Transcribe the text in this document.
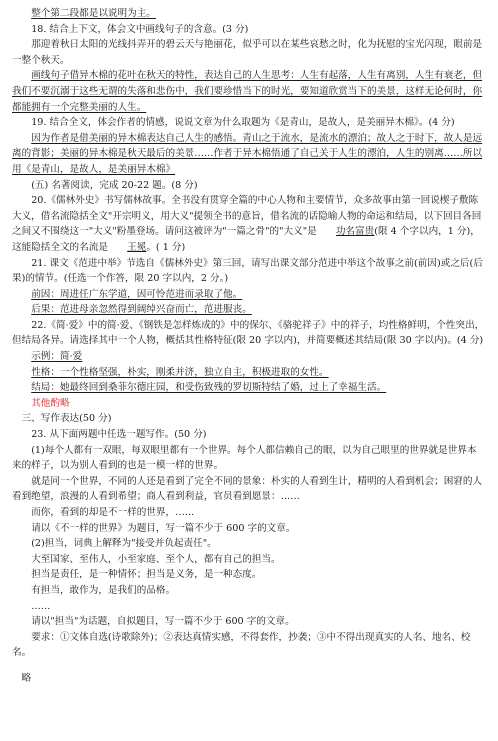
整个第二段都是以说明为主。

18. 结合上下文，体会文中画线句子的含意。(3 分)

那迎着秋日太阳的光线抖弄开的碧云天与艳丽花，似乎可以在某些哀愁之时，化为抚慰的宝光闪现，眼前是一整个秋天。

画线句子借异木棉的花叶在秋天的特性，表达自己的人生思考：人生有起落，人生有离别，人生有衰老，但我们不要沉溺于这些无谓的失落和悲伤中，我们要珍惜当下的时光，要知道欣赏当下的美景，这样无论何时，你都能拥有一个完整美丽的人生。

19. 结合全文，体会作者的情感，说说文章为什么取题为《是青山，是故人，是美丽异木棉》。(4 分)

因为作者是借美丽的异木棉表达自己人生的感悟。青山之于流水，是流水的漂泊；故人之于时下，故人是远离的背影；美丽的异木棉是秋天最后的美景……作者于异木棉悟通了自己关于人生的漂泊，人生的别离……所以用《是青山，是故人，是美丽异木棉》

(五) 名著阅读，完成 20-22 题。(8 分)

20.《儒林外史》书写儒林故事。全书没有贯穿全篇的中心人物和主要情节，众多故事由第一回说楔子敷陈大义，借名流隐括全文"开宗明义，用大义"提领全书的意旨，借名流的话隐喻人物的命运和结局，以下回目各回之间又不围绕这一"大义"粉墨登场。请问这被评为"一篇之骨"的"大义"是 功名富贵(限 4 个字以内，1 分)，这能隐括全文的名流是 王冕。( 1 分)

21. 课文《范进中举》节选自《儒林外史》第三回，请写出课文部分范进中举这个故事之前(前因)或之后(后果)的情节。(任选一个作答，限 20 字以内，2 分。)

前因：周进任广东学道，因可怜范进而录取了他。

后果：范进母亲忽然得到阔绰兴奋而亡，范进服丧。

22.《简·爱》中的简·爱、《钢铁是怎样炼成的》中的保尔、《骆驼祥子》中的祥子，均性格鲜明，个性突出，但结局各异。请选择其中一个人物，概括其性格特征(限 20 字以内)，并简要概述其结局(限 30 字以内)。(4 分)

示例：简·爱

性格：一个性格坚强，朴实，刚柔并济，独立自主，积极进取的女性。

结局：她最终回到桑菲尔德庄园，和受伤致残的罗切斯特结了婚，过上了幸福生活。

其他酌略

三、写作表达(50 分)

23. 从下面两题中任选一题写作。(50 分)

(1)每个人都有一双眼，每双眼里都有一个世界。每个人都信赖自己的眼，以为自己眼里的世界就是世界本来的样子，以为别人看到的也是一模一样的世界。

就是同一个世界，不同的人还是看到了完全不同的景象：朴实的人看到生计，精明的人看到机会；困窘的人看到绝望，浪漫的人看到希望；商人看到利益，官员看到愿景：……

而你，看到的却是不一样的世界，……

请以《不一样的世界》为题目，写一篇不少于 600 字的文章。

(2)担当，词典上解释为"接受并负起责任"。

大至国家、至伟人，小至家庭、至个人，都有自己的担当。

担当是责任，是一种情怀；担当是义务，是一种态度。

有担当，敢作为，是我们的品格。

……

请以"担当"为话题，自拟题目，写一篇不少于 600 字的文章。

要求：①文体自选(诗歌除外)；②表达真情实感，不得套作，抄袭；③中不得出现真实的人名、地名、校名。

略
